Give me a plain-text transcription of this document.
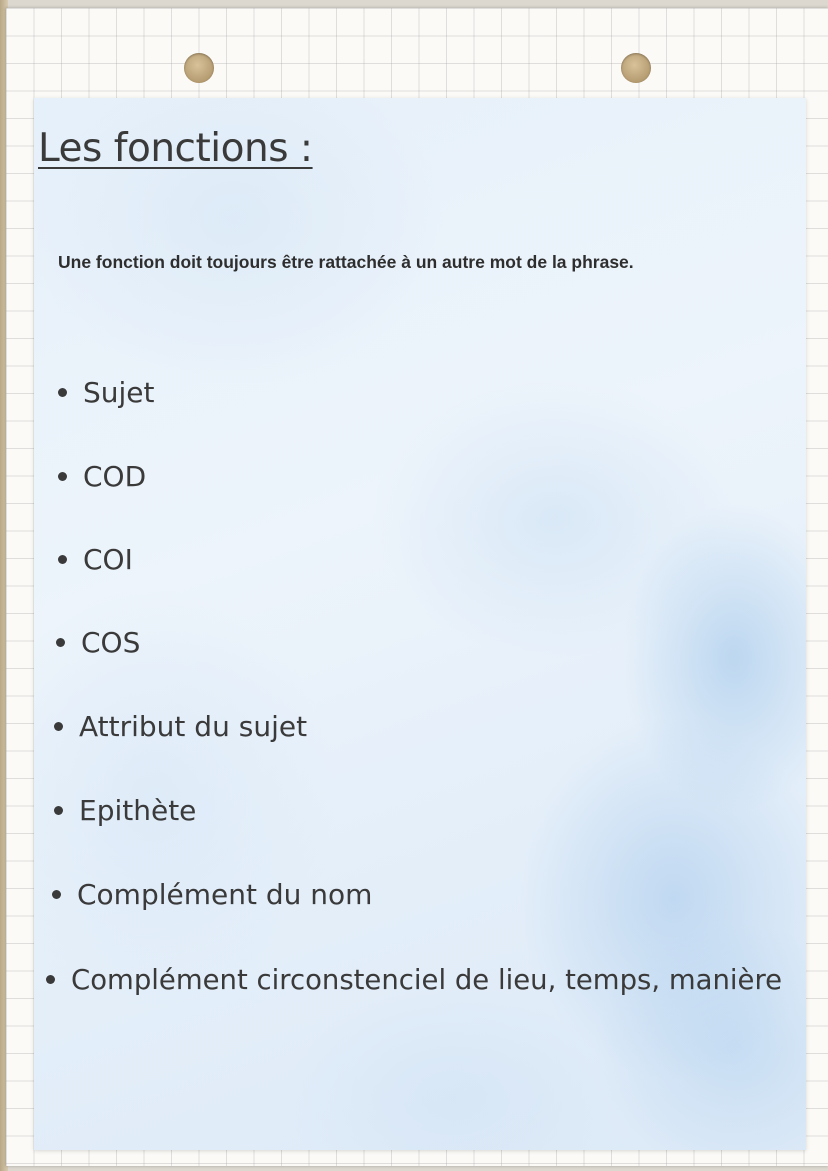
Les fonctions :

Une fonction doit toujours être rattachée à un autre mot de la phrase.

Sujet
COD
COI
COS
Attribut du sujet
Epithète
Complément du nom
Complément circonstenciel de lieu, temps, manière
